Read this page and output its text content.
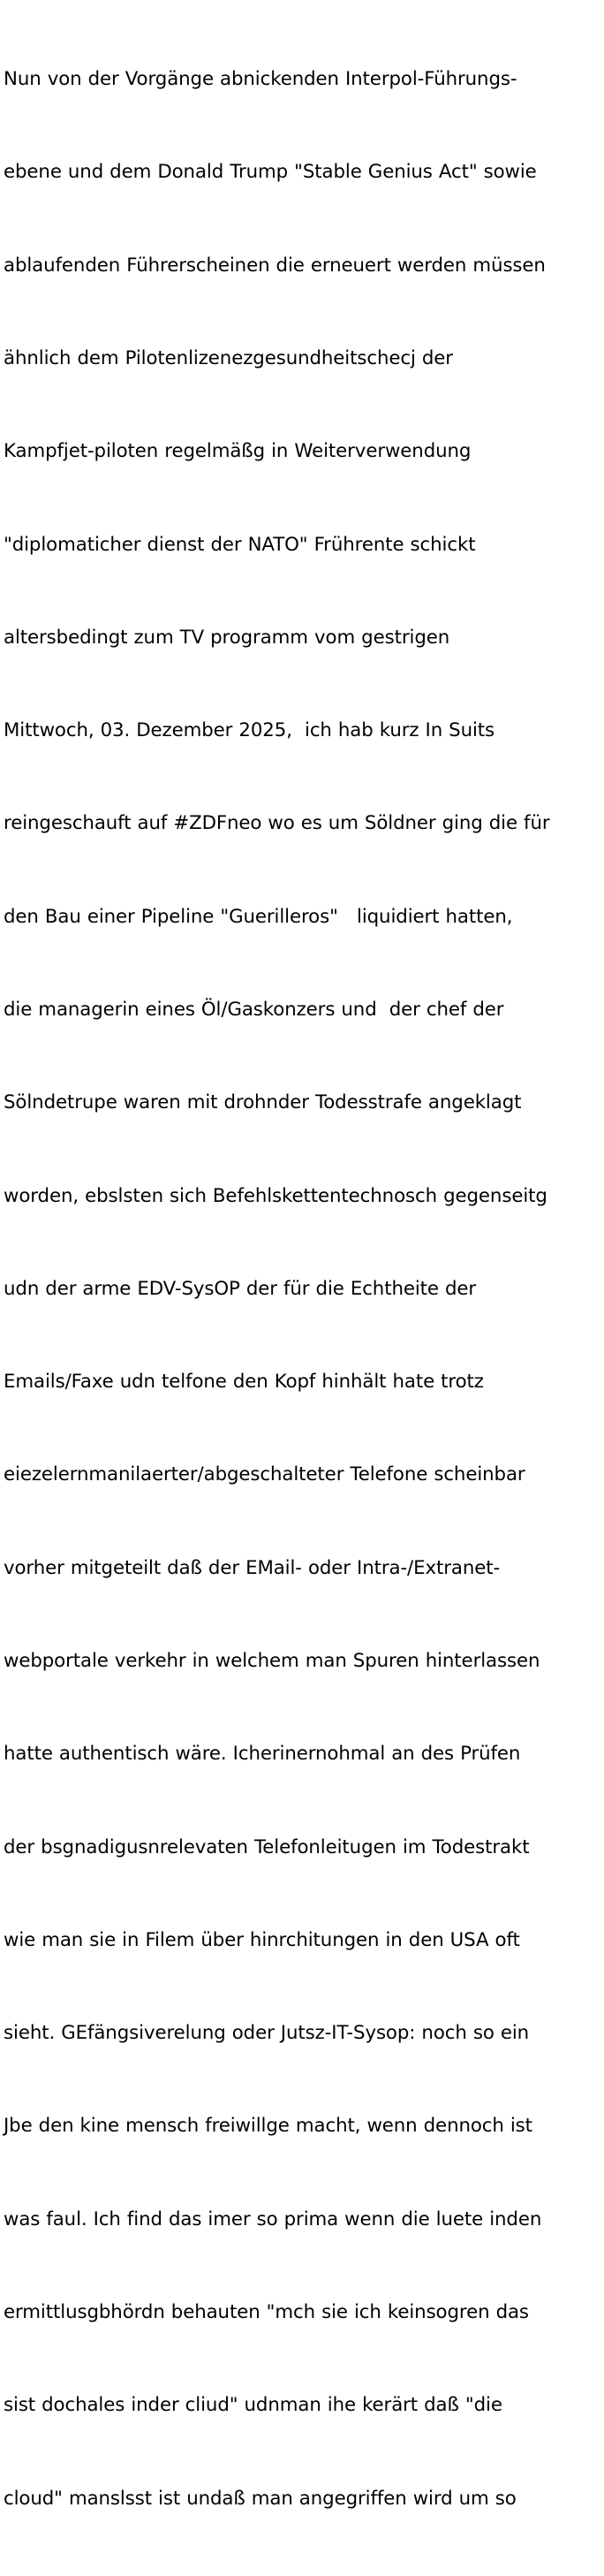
Nun von der Vorgänge abnickenden Interpol-Führungs-

ebene und dem Donald Trump "Stable Genius Act" sowie

ablaufenden Führerscheinen die erneuert werden müssen

ähnlich dem Pilotenlizenezgesundheitschecj der

Kampfjet-piloten regelmäßg in Weiterverwendung

"diplomaticher dienst der NATO" Frührente schickt

altersbedingt zum TV programm vom gestrigen

Mittwoch, 03. Dezember 2025,  ich hab kurz In Suits

reingeschauft auf #ZDFneo wo es um Söldner ging die für

den Bau einer Pipeline "Guerilleros"   liquidiert hatten,

die managerin eines Öl/Gaskonzers und  der chef der

Sölndetrupe waren mit drohnder Todesstrafe angeklagt

worden, ebslsten sich Befehlskettentechnosch gegenseitg

udn der arme EDV-SysOP der für die Echtheite der

Emails/Faxe udn telfone den Kopf hinhält hate trotz

eiezelernmanilaerter/abgeschalteter Telefone scheinbar

vorher mitgeteilt daß der EMail- oder Intra-/Extranet-

webportale verkehr in welchem man Spuren hinterlassen

hatte authentisch wäre. Icherinernohmal an des Prüfen

der bsgnadigusnrelevaten Telefonleitugen im Todestrakt

wie man sie in Filem über hinrchitungen in den USA oft

sieht. GEfängsiverelung oder Jutsz-IT-Sysop: noch so ein

Jbe den kine mensch freiwillge macht, wenn dennoch ist

was faul. Ich find das imer so prima wenn die luete inden

ermittlusgbhördn behauten "mch sie ich keinsogren das

sist dochales inder cliud" udnman ihe kerärt daß "die

cloud" manslsst ist undaß man angegriffen wird um so
